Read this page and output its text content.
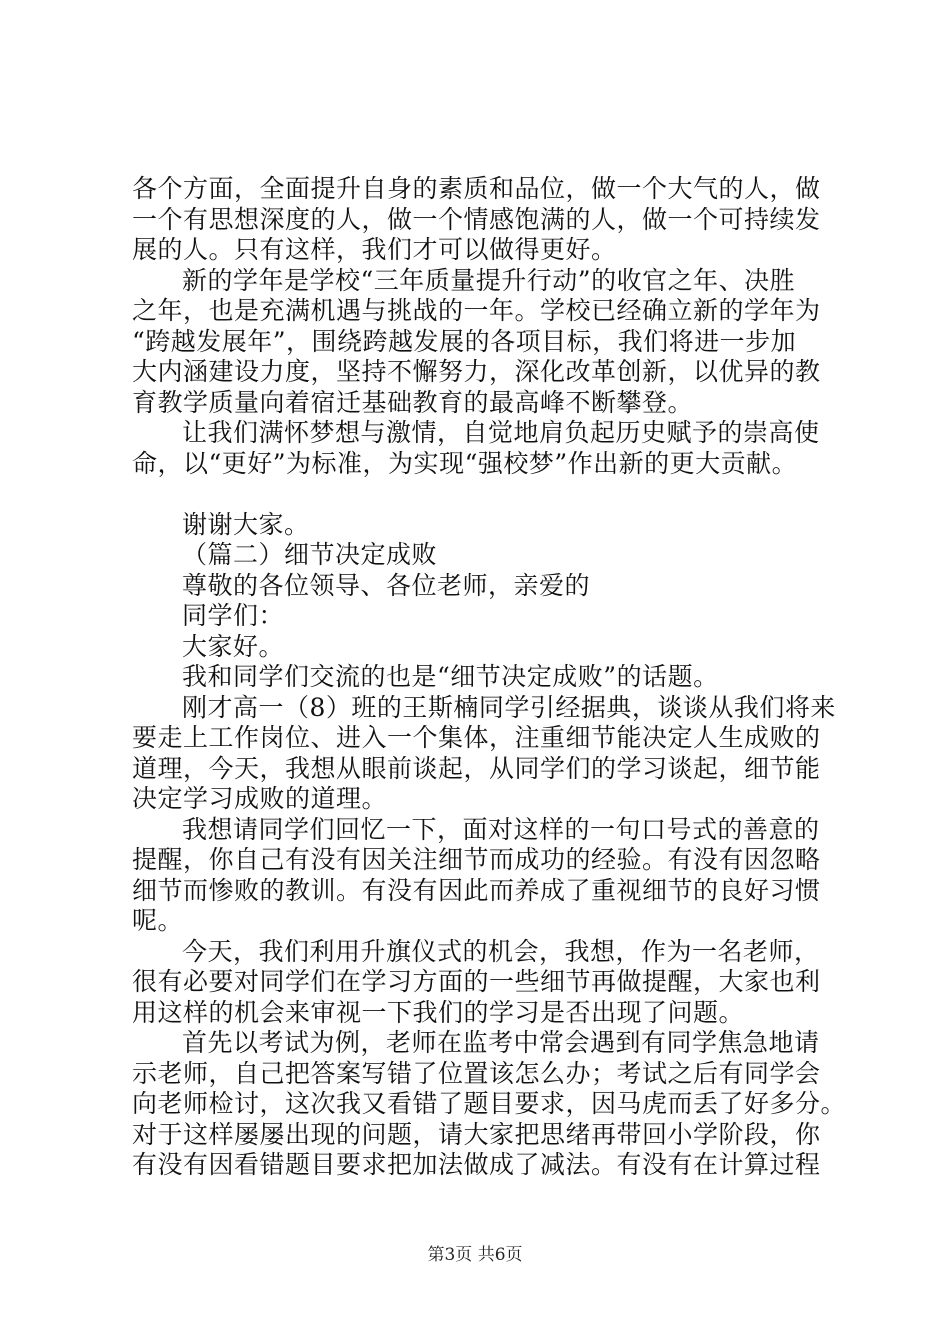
各个方面，全面提升自身的素质和品位，做一个大气的人，做
一个有思想深度的人，做一个情感饱满的人，做一个可持续发
展的人。只有这样，我们才可以做得更好。
新的学年是学校“三年质量提升行动”的收官之年、决胜
之年，也是充满机遇与挑战的一年。学校已经确立新的学年为
“跨越发展年”，围绕跨越发展的各项目标，我们将进一步加
大内涵建设力度，坚持不懈努力，深化改革创新，以优异的教
育教学质量向着宿迁基础教育的最高峰不断攀登。
让我们满怀梦想与激情，自觉地肩负起历史赋予的崇高使
命，以“更好”为标准，为实现“强校梦”作出新的更大贡献。
谢谢大家。
（篇二）细节决定成败
尊敬的各位领导、各位老师，亲爱的
同学们：
大家好。
我和同学们交流的也是“细节决定成败”的话题。
刚才高一（8）班的王斯楠同学引经据典，谈谈从我们将来
要走上工作岗位、进入一个集体，注重细节能决定人生成败的
道理，今天，我想从眼前谈起，从同学们的学习谈起，细节能
决定学习成败的道理。
我想请同学们回忆一下，面对这样的一句口号式的善意的
提醒，你自己有没有因关注细节而成功的经验。有没有因忽略
细节而惨败的教训。有没有因此而养成了重视细节的良好习惯
呢。
今天，我们利用升旗仪式的机会，我想，作为一名老师，
很有必要对同学们在学习方面的一些细节再做提醒，大家也利
用这样的机会来审视一下我们的学习是否出现了问题。
首先以考试为例，老师在监考中常会遇到有同学焦急地请
示老师，自己把答案写错了位置该怎么办；考试之后有同学会
向老师检讨，这次我又看错了题目要求，因马虎而丢了好多分。
对于这样屡屡出现的问题，请大家把思绪再带回小学阶段，你
有没有因看错题目要求把加法做成了减法。有没有在计算过程
第3页 共6页
